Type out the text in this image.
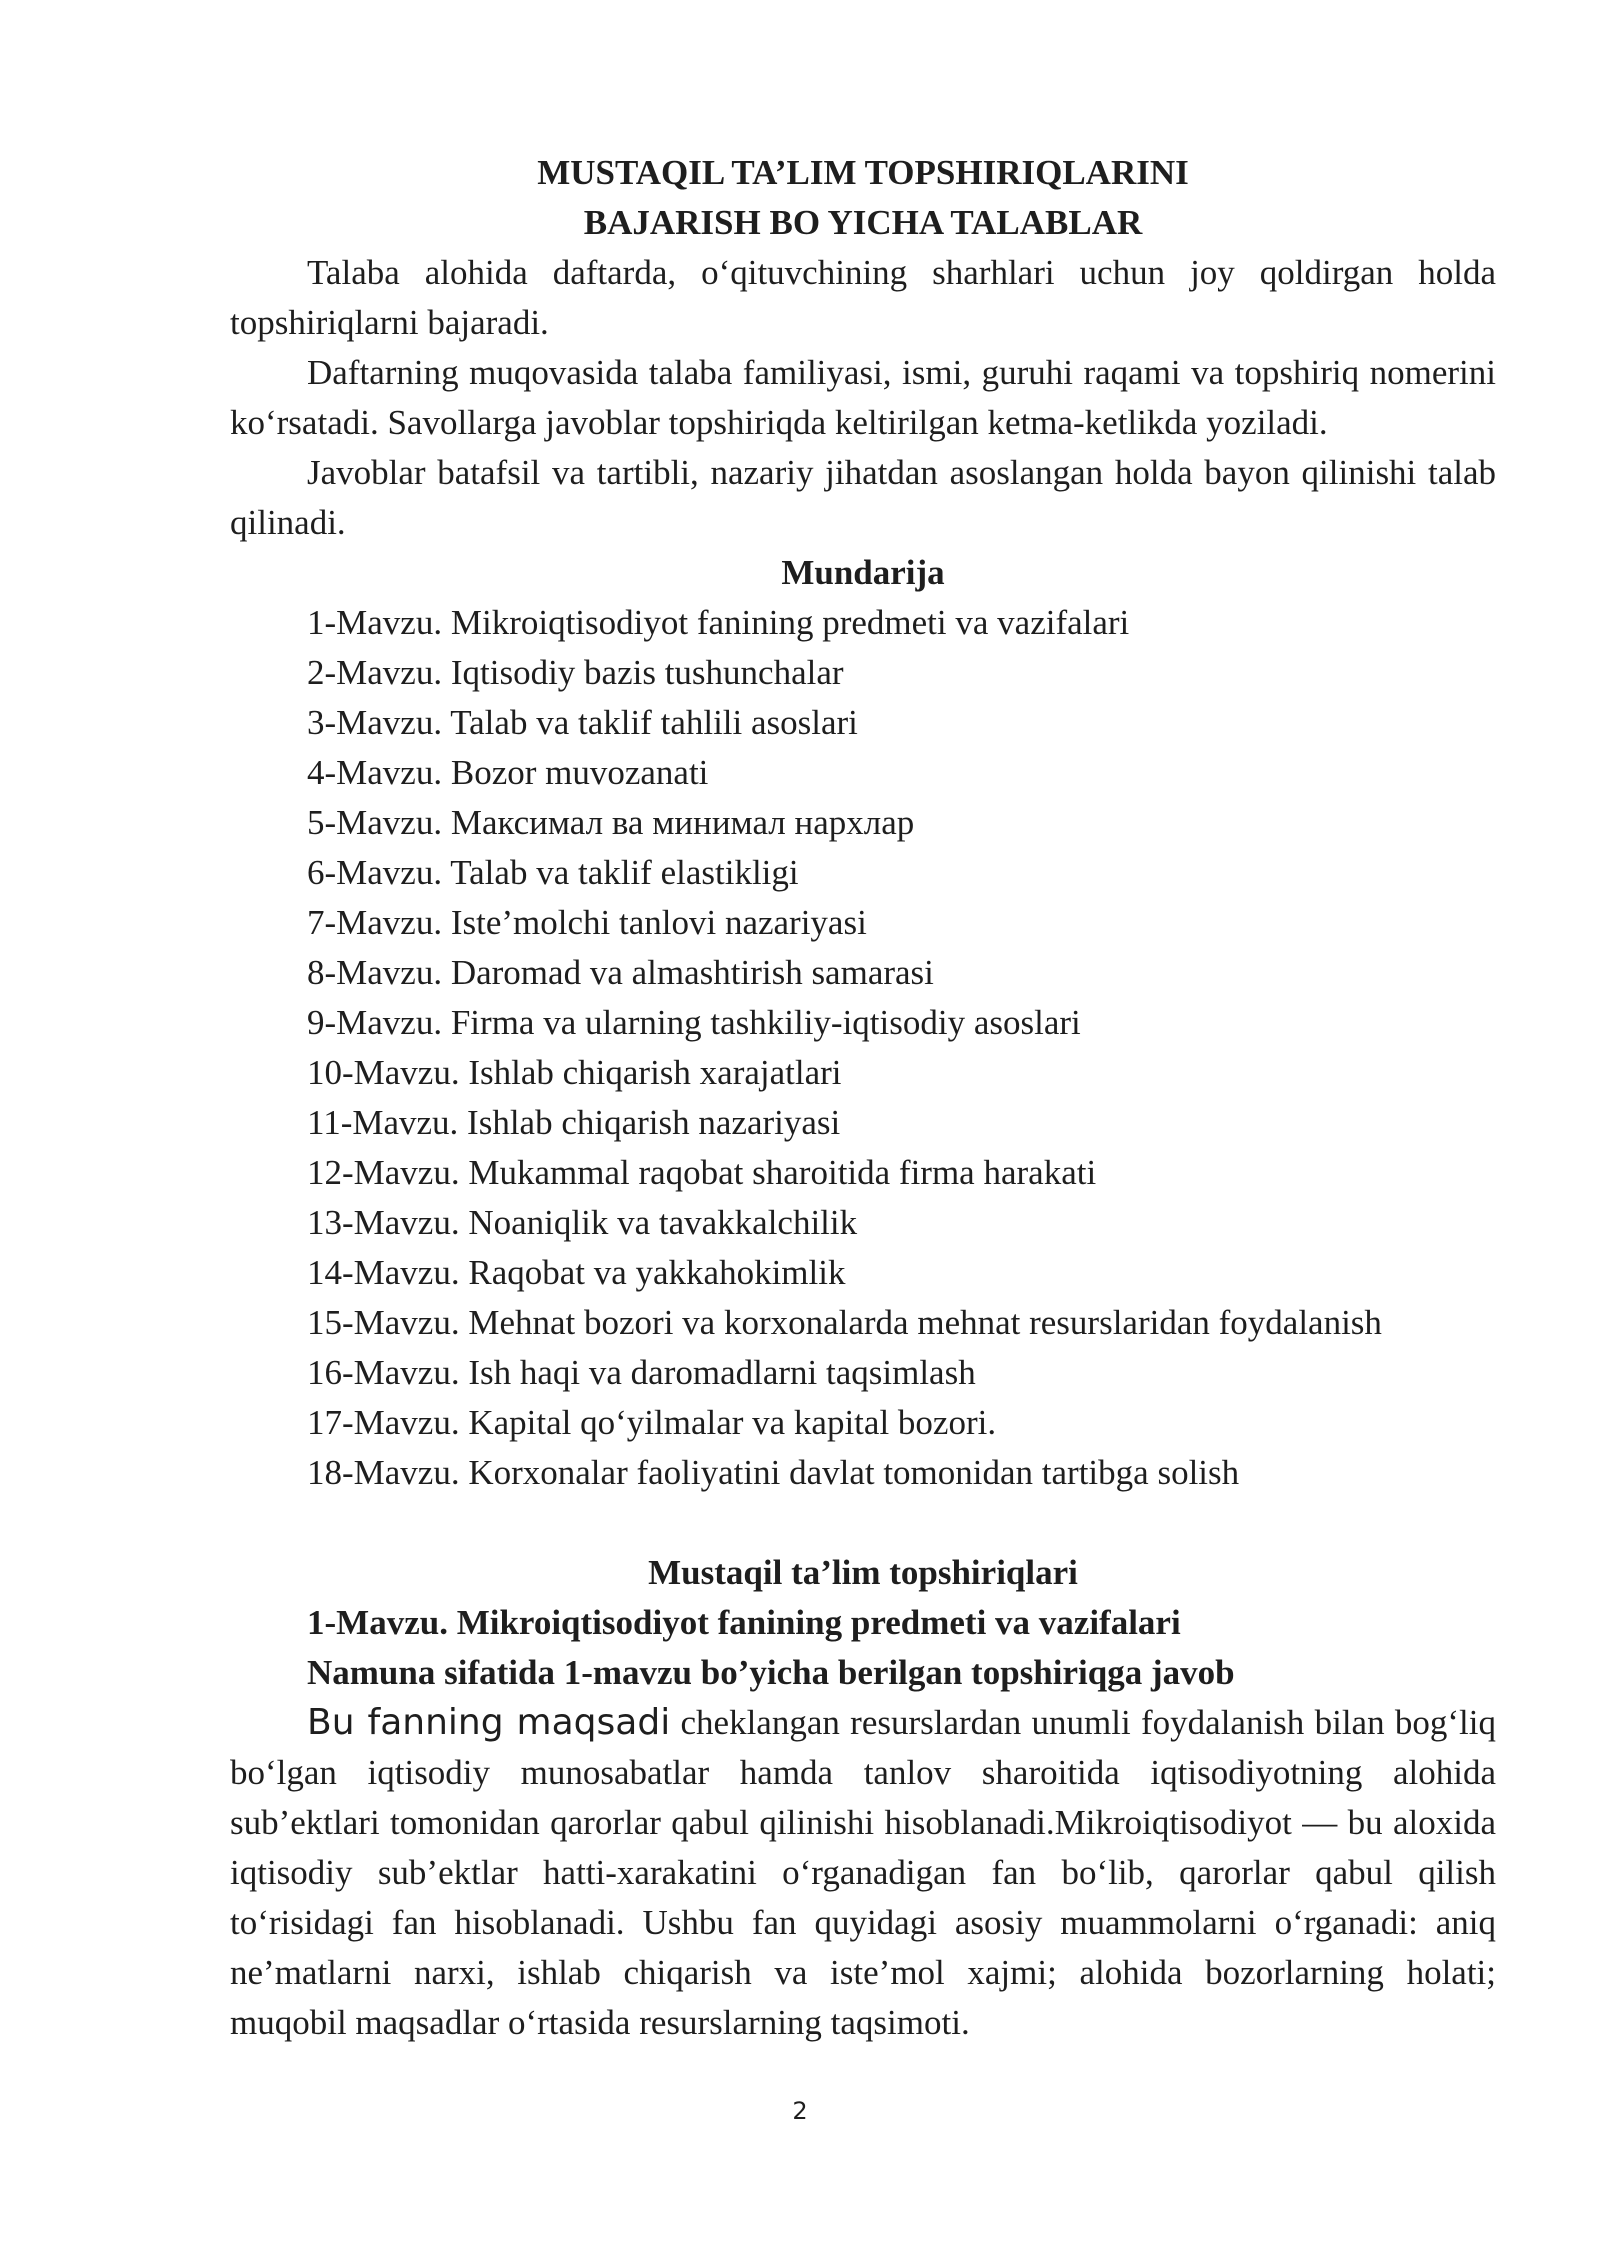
MUSTAQIL TA’LIM TOPSHIRIQLARINI

BAJARISH BO YICHA TALABLAR

Talaba alohida daftarda, o‘qituvchining sharhlari uchun joy qoldirgan holda topshiriqlarni bajaradi.

Daftarning muqovasida talaba familiyasi, ismi, guruhi raqami va topshiriq nomerini ko‘rsatadi. Savollarga javoblar topshiriqda keltirilgan ketma-ketlikda yoziladi.

Javoblar batafsil va tartibli, nazariy jihatdan asoslangan holda bayon qilinishi talab qilinadi.

Mundarija

1-Mavzu. Mikroiqtisodiyot fanining predmeti va vazifalari
2-Mavzu. Iqtisodiy bazis tushunchalar
3-Mavzu. Talab va taklif tahlili asoslari
4-Mavzu. Bozor muvozanati
5-Mavzu. Максимал ва минимал нархлар
6-Mavzu. Talab va taklif elastikligi
7-Mavzu. Iste’molchi tanlovi nazariyasi
8-Mavzu. Daromad va almashtirish samarasi
9-Mavzu. Firma va ularning tashkiliy-iqtisodiy asoslari
10-Mavzu. Ishlab chiqarish xarajatlari
11-Mavzu. Ishlab chiqarish nazariyasi
12-Mavzu. Mukammal raqobat sharoitida firma harakati
13-Mavzu. Noaniqlik va tavakkalchilik
14-Mavzu. Raqobat va yakkahokimlik
15-Mavzu. Mehnat bozori va korxonalarda mehnat resurslaridan foydalanish
16-Mavzu. Ish haqi va daromadlarni taqsimlash
17-Mavzu. Kapital qo‘yilmalar va kapital bozori.
18-Mavzu. Korxonalar faoliyatini davlat tomonidan tartibga solish

Mustaqil ta’lim topshiriqlari

1-Mavzu. Mikroiqtisodiyot fanining predmeti va vazifalari

Namuna sifatida 1-mavzu bo’yicha berilgan topshiriqga javob

Bu fanning maqsadi cheklangan resurslardan unumli foydalanish bilan bog‘liq bo‘lgan iqtisodiy munosabatlar hamda tanlov sharoitida iqtisodiyotning alohida sub’ektlari tomonidan qarorlar qabul qilinishi hisoblanadi.Mikroiqtisodiyot — bu aloxida iqtisodiy sub’ektlar hatti-xarakatini o‘rganadigan fan bo‘lib, qarorlar qabul qilish to‘risidagi fan hisoblanadi. Ushbu fan quyidagi asosiy muammolarni o‘rganadi: aniq ne’matlarni narxi, ishlab chiqarish va iste’mol xajmi; alohida bozorlarning holati; muqobil maqsadlar o‘rtasida resurslarning taqsimoti.

2
